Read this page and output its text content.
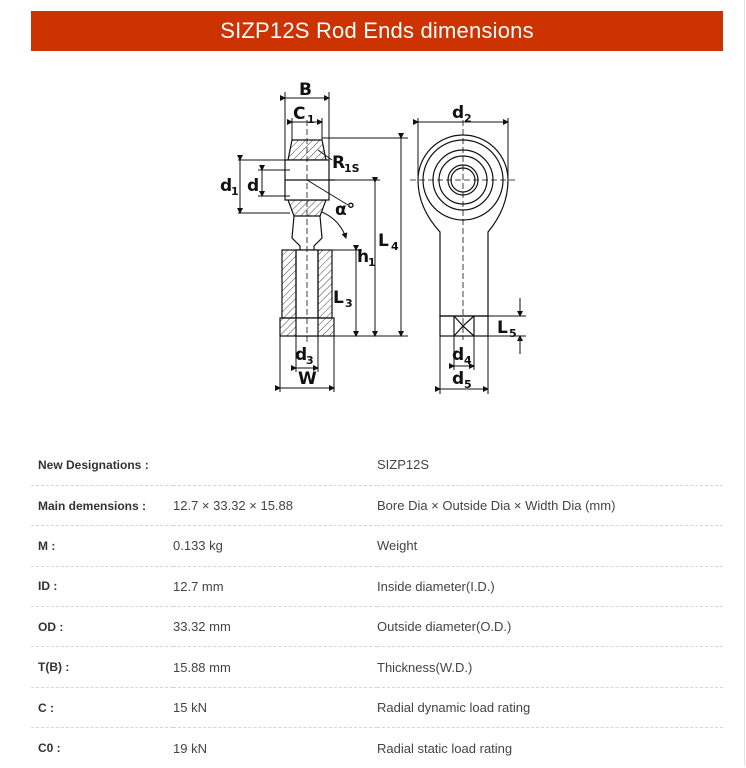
SIZP12S Rod Ends dimensions
B
C 1
R
1S
d
1 d
α°
L 4
h
1
L 3
d
3
W
d 2
L 5
d 4
d 5
New Designations :		SIZP12S
Main demensions :	12.7 × 33.32 × 15.88	Bore Dia × Outside Dia × Width Dia (mm)
M :	0.133 kg	Weight
ID :	12.7 mm	Inside diameter(I.D.)
OD :	33.32 mm	Outside diameter(O.D.)
T(B) :	15.88 mm	Thickness(W.D.)
C :	15 kN	Radial dynamic load rating
C0 :	19 kN	Radial static load rating
